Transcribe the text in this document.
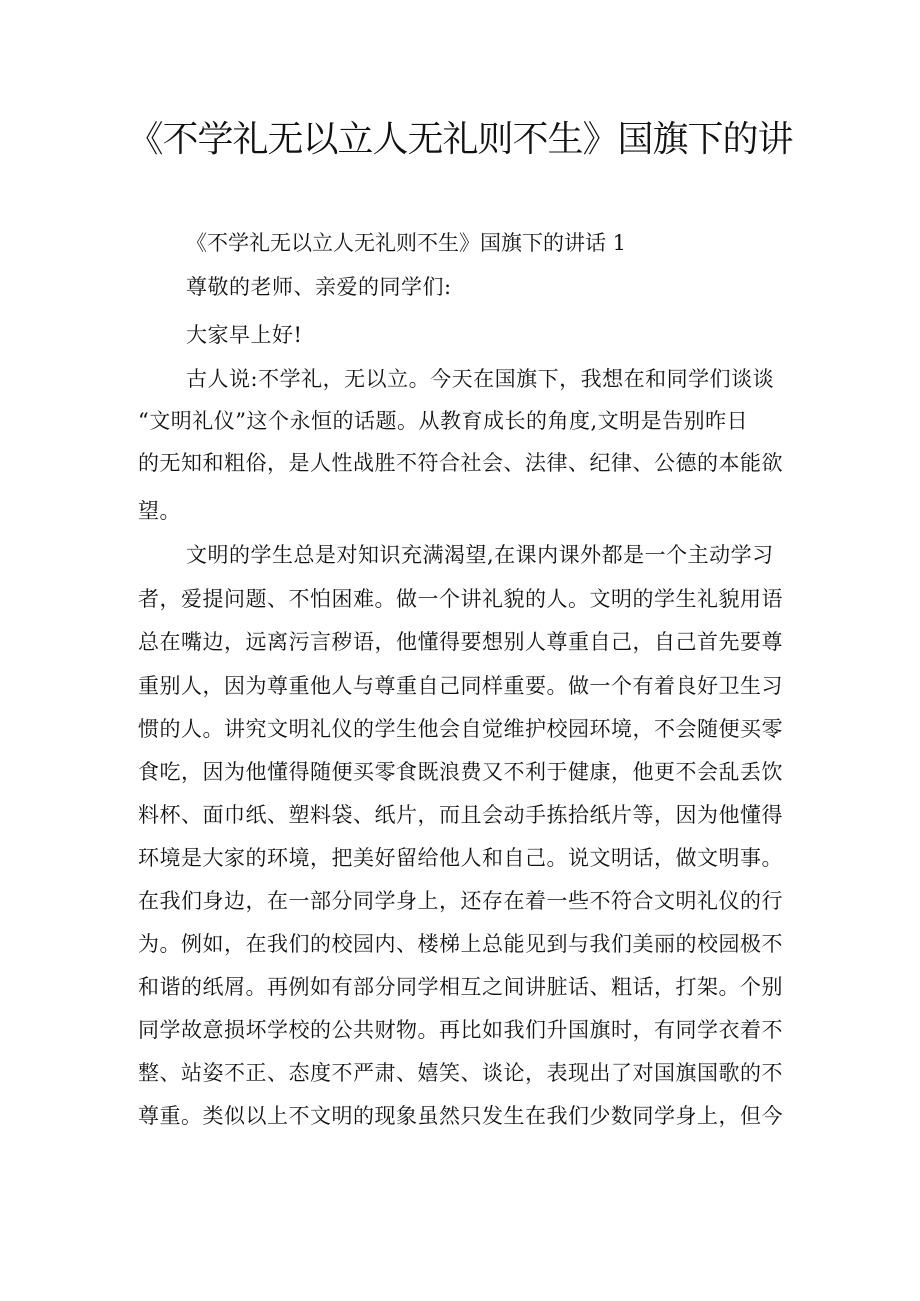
《不学礼无以立人无礼则不生》国旗下的讲
《不学礼无以立人无礼则不生》国旗下的讲话 1
尊敬的老师、亲爱的同学们:
大家早上好!
古人说:不学礼，无以立。今天在国旗下，我想在和同学们谈谈
“文明礼仪”这个永恒的话题。从教育成长的角度,文明是告别昨日
的无知和粗俗，是人性战胜不符合社会、法律、纪律、公德的本能欲
望。
文明的学生总是对知识充满渴望,在课内课外都是一个主动学习
者，爱提问题、不怕困难。做一个讲礼貌的人。文明的学生礼貌用语
总在嘴边，远离污言秽语，他懂得要想别人尊重自己，自己首先要尊
重别人，因为尊重他人与尊重自己同样重要。做一个有着良好卫生习
惯的人。讲究文明礼仪的学生他会自觉维护校园环境，不会随便买零
食吃，因为他懂得随便买零食既浪费又不利于健康，他更不会乱丢饮
料杯、面巾纸、塑料袋、纸片，而且会动手拣拾纸片等，因为他懂得
环境是大家的环境，把美好留给他人和自己。说文明话，做文明事。
在我们身边，在一部分同学身上，还存在着一些不符合文明礼仪的行
为。例如，在我们的校园内、楼梯上总能见到与我们美丽的校园极不
和谐的纸屑。再例如有部分同学相互之间讲脏话、粗话，打架。个别
同学故意损坏学校的公共财物。再比如我们升国旗时，有同学衣着不
整、站姿不正、态度不严肃、嬉笑、谈论，表现出了对国旗国歌的不
尊重。类似以上不文明的现象虽然只发生在我们少数同学身上，但今
